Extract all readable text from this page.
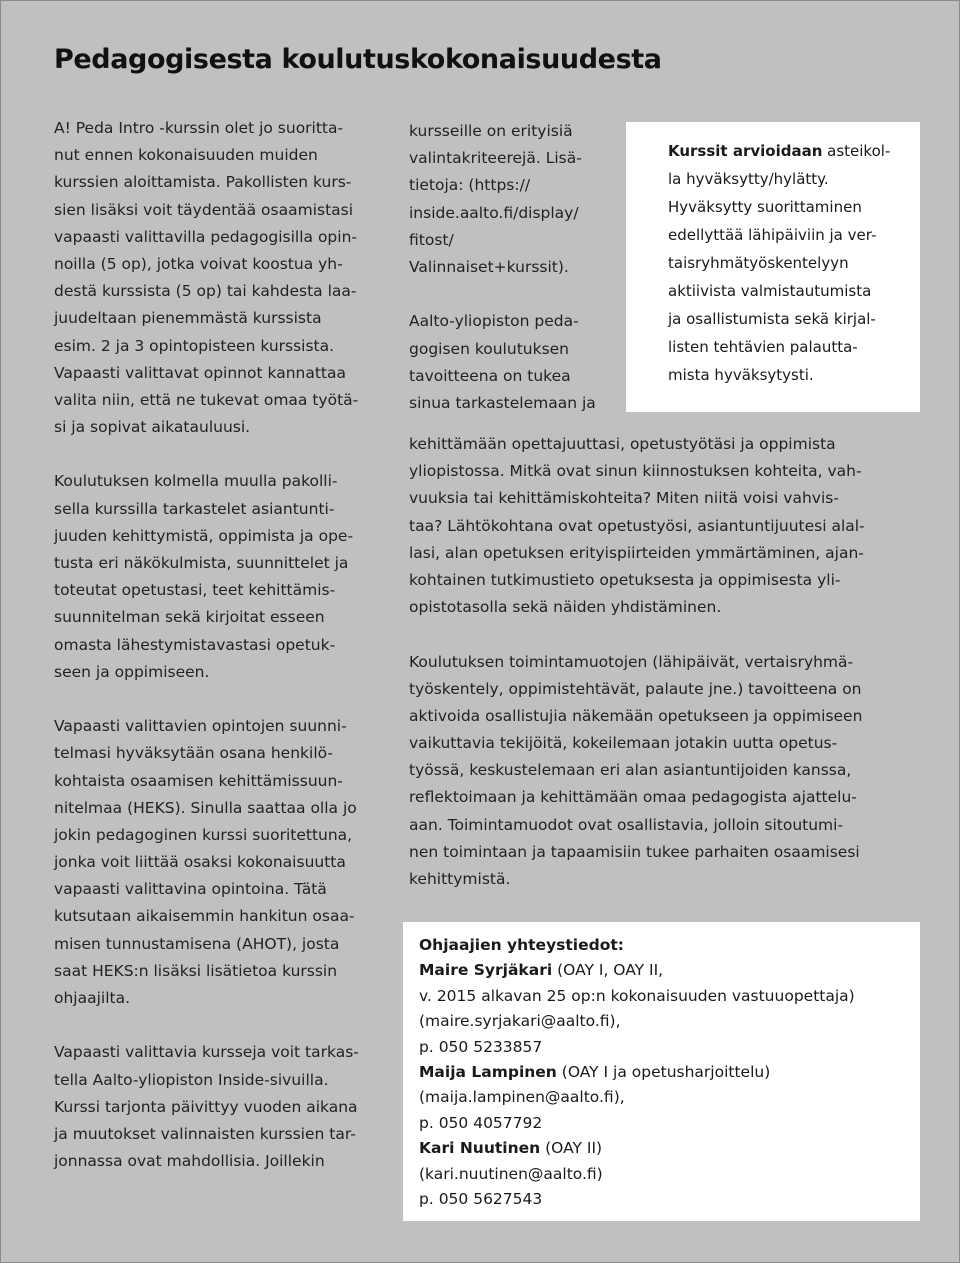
Pedagogisesta koulutuskokonaisuudesta
A! Peda Intro -kurssin olet jo suoritta-
nut ennen kokonaisuuden muiden
kurssien aloittamista. Pakollisten kurs-
sien lisäksi voit täydentää osaamistasi
vapaasti valittavilla pedagogisilla opin-
noilla (5 op), jotka voivat koostua yh-
destä kurssista (5 op) tai kahdesta laa-
juudeltaan pienemmästä kurssista
esim. 2 ja 3 opintopisteen kurssista.
Vapaasti valittavat opinnot kannattaa
valita niin, että ne tukevat omaa työtä-
si ja sopivat aikatauluusi.
Koulutuksen kolmella muulla pakolli-
sella kurssilla tarkastelet asiantunti-
juuden kehittymistä, oppimista ja ope-
tusta eri näkökulmista, suunnittelet ja
toteutat opetustasi, teet kehittämis-
suunnitelman sekä kirjoitat esseen
omasta lähestymistavastasi opetuk-
seen ja oppimiseen.
Vapaasti valittavien opintojen suunni-
telmasi hyväksytään osana henkilö-
kohtaista osaamisen kehittämissuun-
nitelmaa (HEKS). Sinulla saattaa olla jo
jokin pedagoginen kurssi suoritettuna,
jonka voit liittää osaksi kokonaisuutta
vapaasti valittavina opintoina. Tätä
kutsutaan aikaisemmin hankitun osaa-
misen tunnustamisena (AHOT), josta
saat HEKS:n lisäksi lisätietoa kurssin
ohjaajilta.
Vapaasti valittavia kursseja voit tarkas-
tella Aalto-yliopiston Inside-sivuilla.
Kurssi tarjonta päivittyy vuoden aikana
ja muutokset valinnaisten kurssien tar-
jonnassa ovat mahdollisia. Joillekin
kursseille on erityisiä
valintakriteerejä. Lisä-
tietoja: (https://
inside.aalto.fi/display/
fitost/
Valinnaiset+kurssit).
Aalto-yliopiston peda-
gogisen koulutuksen
tavoitteena on tukea
sinua tarkastelemaan ja
kehittämään opettajuuttasi, opetustyötäsi ja oppimista
yliopistossa. Mitkä ovat sinun kiinnostuksen kohteita, vah-
vuuksia tai kehittämiskohteita? Miten niitä voisi vahvis-
taa? Lähtökohtana ovat opetustyösi, asiantuntijuutesi alal-
lasi, alan opetuksen erityispiirteiden ymmärtäminen, ajan-
kohtainen tutkimustieto opetuksesta ja oppimisesta yli-
opistotasolla sekä näiden yhdistäminen.
Koulutuksen toimintamuotojen (lähipäivät, vertaisryhmä-
työskentely, oppimistehtävät, palaute jne.) tavoitteena on
aktivoida osallistujia näkemään opetukseen ja oppimiseen
vaikuttavia tekijöitä, kokeilemaan jotakin uutta opetus-
työssä, keskustelemaan eri alan asiantuntijoiden kanssa,
reflektoimaan ja kehittämään omaa pedagogista ajattelu-
aan. Toimintamuodot ovat osallistavia, jolloin sitoutumi-
nen toimintaan ja tapaamisiin tukee parhaiten osaamisesi
kehittymistä.
Kurssit arvioidaan asteikol-
la hyväksytty/hylätty.
Hyväksytty suorittaminen
edellyttää lähipäiviin ja ver-
taisryhmätyöskentelyyn
aktiivista valmistautumista
ja osallistumista sekä kirjal-
listen tehtävien palautta-
mista hyväksytysti.
Ohjaajien yhteystiedot:
Maire Syrjäkari (OAY I, OAY II,
v. 2015 alkavan 25 op:n kokonaisuuden vastuuopettaja)
(maire.syrjakari@aalto.fi),
p. 050 5233857
Maija Lampinen (OAY I ja opetusharjoittelu)
(maija.lampinen@aalto.fi),
p. 050 4057792
Kari Nuutinen (OAY II)
(kari.nuutinen@aalto.fi)
p. 050 5627543
